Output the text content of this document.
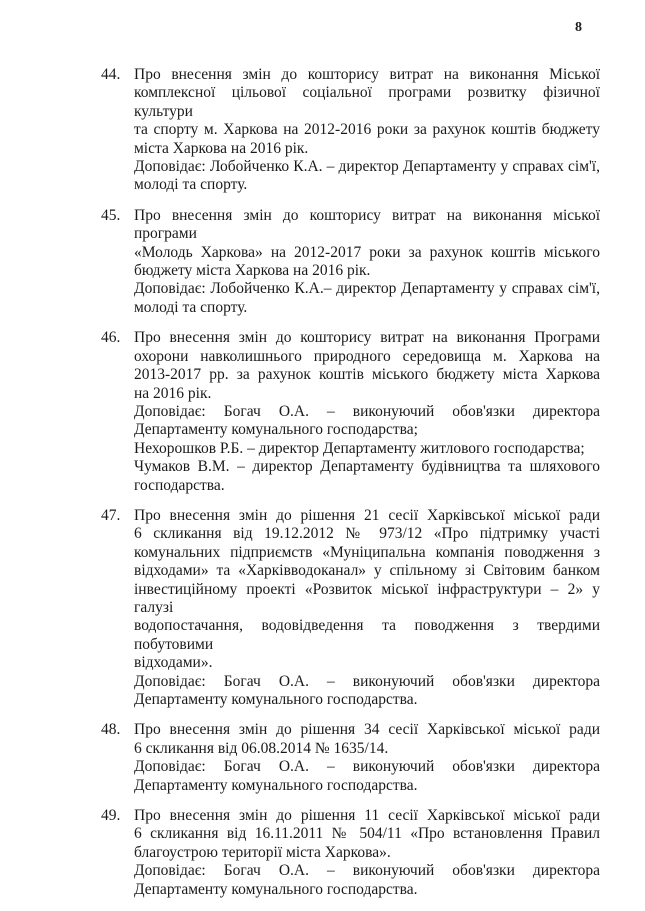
8
44. Про внесення змін до кошторису витрат на виконання Міської
комплексної цільової соціальної програми розвитку фізичної культури
та спорту м. Харкова на 2012-2016 роки за рахунок коштів бюджету
міста Харкова на 2016 рік.
Доповідає: Лобойченко К.А. – директор Департаменту у справах сім'ї,
молоді та спорту.
45. Про внесення змін до кошторису витрат на виконання міської програми
«Молодь Харкова» на 2012-2017 роки за рахунок коштів міського
бюджету міста Харкова на 2016 рік.
Доповідає: Лобойченко К.А.– директор Департаменту у справах сім'ї,
молоді та спорту.
46. Про внесення змін до кошторису витрат на виконання Програми
охорони навколишнього природного середовища м. Харкова на
2013-2017 рр. за рахунок коштів міського бюджету міста Харкова
на 2016 рік.
Доповідає: Богач О.А. – виконуючий обов'язки директора
Департаменту комунального господарства;
Нехорошков Р.Б. – директор Департаменту житлового господарства;
Чумаков В.М. – директор Департаменту будівництва та шляхового
господарства.
47. Про внесення змін до рішення 21 сесії Харківської міської ради
6 скликання від 19.12.2012 № 973/12 «Про підтримку участі
комунальних підприємств «Муніципальна компанія поводження з
відходами» та «Харківводоканал» у спільному зі Світовим банком
інвестиційному проекті «Розвиток міської інфраструктури – 2» у галузі
водопостачання, водовідведення та поводження з твердими побутовими
відходами».
Доповідає: Богач О.А. – виконуючий обов'язки директора
Департаменту комунального господарства.
48. Про внесення змін до рішення 34 сесії Харківської міської ради
6 скликання від 06.08.2014 № 1635/14.
Доповідає: Богач О.А. – виконуючий обов'язки директора
Департаменту комунального господарства.
49. Про внесення змін до рішення 11 сесії Харківської міської ради
6 скликання від 16.11.2011 № 504/11 «Про встановлення Правил
благоустрою території міста Харкова».
Доповідає: Богач О.А. – виконуючий обов'язки директора
Департаменту комунального господарства.
